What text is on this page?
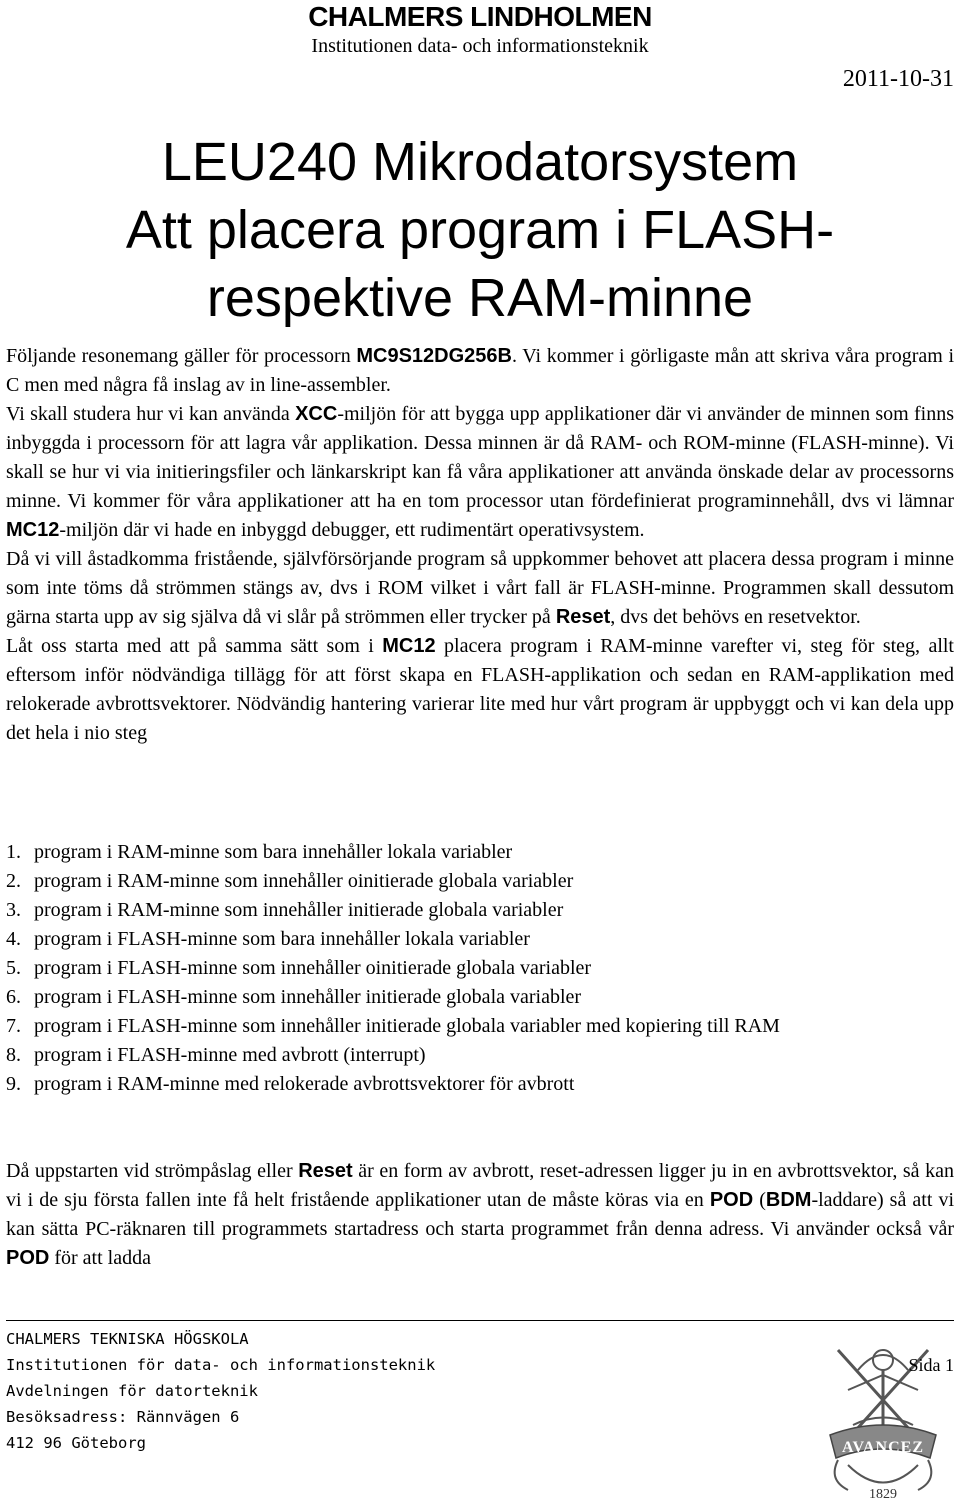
CHALMERS LINDHOLMEN
Institutionen data- och informationsteknik
2011-10-31
LEU240 Mikrodatorsystem
Att placera program i FLASH-
respektive RAM-minne

Följande resonemang gäller för processorn MC9S12DG256B. Vi kommer i görligaste mån att skriva våra program i C men med några få inslag av in line-assembler.

Vi skall studera hur vi kan använda XCC-miljön för att bygga upp applikationer där vi använder de minnen som finns inbyggda i processorn för att lagra vår applikation. Dessa minnen är då RAM- och ROM-minne (FLASH-minne). Vi skall se hur vi via initieringsfiler och länkarskript kan få våra applikationer att använda önskade delar av processorns minne. Vi kommer för våra applikationer att ha en tom processor utan fördefinierat programinnehåll, dvs vi lämnar MC12-miljön där vi hade en inbyggd debugger, ett rudimentärt operativsystem.

Då vi vill åstadkomma fristående, självförsörjande program så uppkommer behovet att placera dessa program i minne som inte töms då strömmen stängs av, dvs i ROM vilket i vårt fall är FLASH-minne. Programmen skall dessutom gärna starta upp av sig själva då vi slår på strömmen eller trycker på Reset, dvs det behövs en resetvektor.

Låt oss starta med att på samma sätt som i MC12 placera program i RAM-minne varefter vi, steg för steg, allt eftersom inför nödvändiga tillägg för att först skapa en FLASH-applikation och sedan en RAM-applikation med relokerade avbrottsvektorer. Nödvändig hantering varierar lite med hur vårt program är uppbyggt och vi kan dela upp det hela i nio steg

1. program i RAM-minne som bara innehåller lokala variabler
2. program i RAM-minne som innehåller oinitierade globala variabler
3. program i RAM-minne som innehåller initierade globala variabler
4. program i FLASH-minne som bara innehåller lokala variabler
5. program i FLASH-minne som innehåller oinitierade globala variabler
6. program i FLASH-minne som innehåller initierade globala variabler
7. program i FLASH-minne som innehåller initierade globala variabler med kopiering till RAM
8. program i FLASH-minne med avbrott (interrupt)
9. program i RAM-minne med relokerade avbrottsvektorer för avbrott

Då uppstarten vid strömpåslag eller Reset är en form av avbrott, reset-adressen ligger ju in en avbrottsvektor, så kan vi i de sju första fallen inte få helt fristående applikationer utan de måste köras via en POD (BDM-laddare) så att vi kan sätta PC-räknaren till programmets startadress och starta programmet från denna adress. Vi använder också vår POD för att ladda

CHALMERS TEKNISKA HÖGSKOLA
Institutionen för data- och informationsteknik
Avdelningen för datorteknik
Besöksadress: Rännvägen 6
412 96 Göteborg	AVANCEZ
1829
Sida 1
